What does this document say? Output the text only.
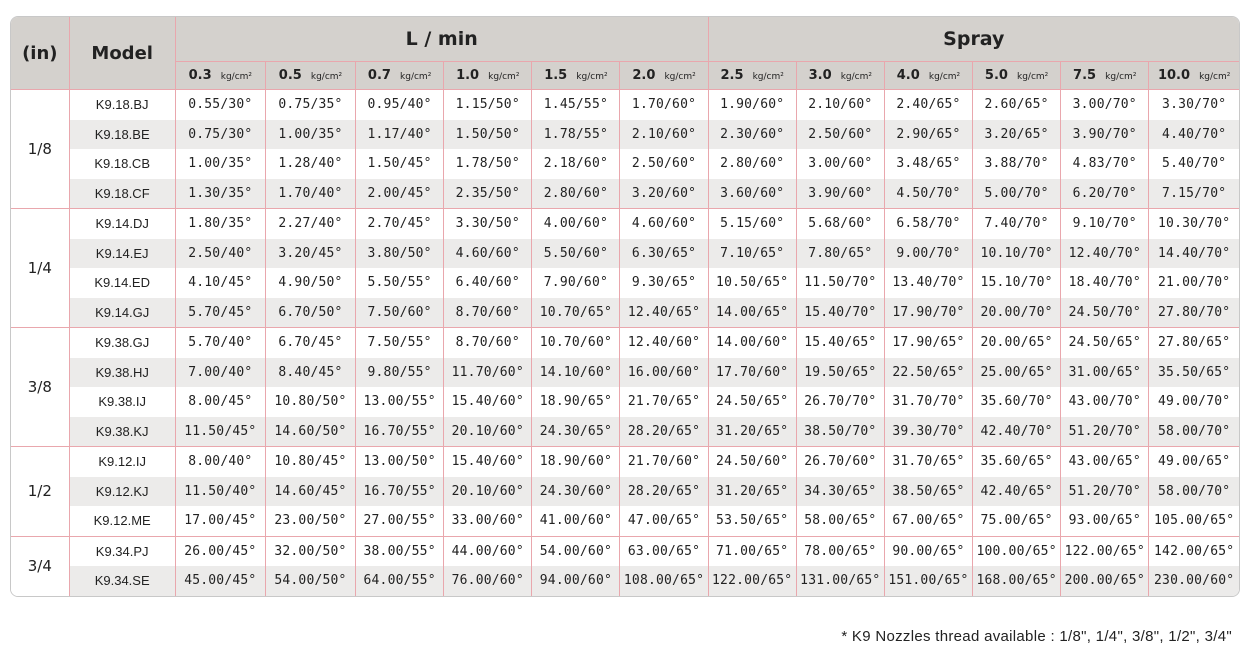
(in)	Model	L / min						Spray					
		0.3 kg/cm²	0.5 kg/cm²	0.7 kg/cm²	1.0 kg/cm²	1.5 kg/cm²	2.0 kg/cm²	2.5 kg/cm²	3.0 kg/cm²	4.0 kg/cm²	5.0 kg/cm²	7.5 kg/cm²	10.0 kg/cm²
1/8	K9.18.BJ	0.55/30°	0.75/35°	0.95/40°	1.15/50°	1.45/55°	1.70/60°	1.90/60°	2.10/60°	2.40/65°	2.60/65°	3.00/70°	3.30/70°
	K9.18.BE	0.75/30°	1.00/35°	1.17/40°	1.50/50°	1.78/55°	2.10/60°	2.30/60°	2.50/60°	2.90/65°	3.20/65°	3.90/70°	4.40/70°
	K9.18.CB	1.00/35°	1.28/40°	1.50/45°	1.78/50°	2.18/60°	2.50/60°	2.80/60°	3.00/60°	3.48/65°	3.88/70°	4.83/70°	5.40/70°
	K9.18.CF	1.30/35°	1.70/40°	2.00/45°	2.35/50°	2.80/60°	3.20/60°	3.60/60°	3.90/60°	4.50/70°	5.00/70°	6.20/70°	7.15/70°
1/4	K9.14.DJ	1.80/35°	2.27/40°	2.70/45°	3.30/50°	4.00/60°	4.60/60°	5.15/60°	5.68/60°	6.58/70°	7.40/70°	9.10/70°	10.30/70°
	K9.14.EJ	2.50/40°	3.20/45°	3.80/50°	4.60/60°	5.50/60°	6.30/65°	7.10/65°	7.80/65°	9.00/70°	10.10/70°	12.40/70°	14.40/70°
	K9.14.ED	4.10/45°	4.90/50°	5.50/55°	6.40/60°	7.90/60°	9.30/65°	10.50/65°	11.50/70°	13.40/70°	15.10/70°	18.40/70°	21.00/70°
	K9.14.GJ	5.70/45°	6.70/50°	7.50/60°	8.70/60°	10.70/65°	12.40/65°	14.00/65°	15.40/70°	17.90/70°	20.00/70°	24.50/70°	27.80/70°
3/8	K9.38.GJ	5.70/40°	6.70/45°	7.50/55°	8.70/60°	10.70/60°	12.40/60°	14.00/60°	15.40/65°	17.90/65°	20.00/65°	24.50/65°	27.80/65°
	K9.38.HJ	7.00/40°	8.40/45°	9.80/55°	11.70/60°	14.10/60°	16.00/60°	17.70/60°	19.50/65°	22.50/65°	25.00/65°	31.00/65°	35.50/65°
	K9.38.IJ	8.00/45°	10.80/50°	13.00/55°	15.40/60°	18.90/65°	21.70/65°	24.50/65°	26.70/70°	31.70/70°	35.60/70°	43.00/70°	49.00/70°
	K9.38.KJ	11.50/45°	14.60/50°	16.70/55°	20.10/60°	24.30/65°	28.20/65°	31.20/65°	38.50/70°	39.30/70°	42.40/70°	51.20/70°	58.00/70°
1/2	K9.12.IJ	8.00/40°	10.80/45°	13.00/50°	15.40/60°	18.90/60°	21.70/60°	24.50/60°	26.70/60°	31.70/65°	35.60/65°	43.00/65°	49.00/65°
	K9.12.KJ	11.50/40°	14.60/45°	16.70/55°	20.10/60°	24.30/60°	28.20/65°	31.20/65°	34.30/65°	38.50/65°	42.40/65°	51.20/70°	58.00/70°
	K9.12.ME	17.00/45°	23.00/50°	27.00/55°	33.00/60°	41.00/60°	47.00/65°	53.50/65°	58.00/65°	67.00/65°	75.00/65°	93.00/65°	105.00/65°
3/4	K9.34.PJ	26.00/45°	32.00/50°	38.00/55°	44.00/60°	54.00/60°	63.00/65°	71.00/65°	78.00/65°	90.00/65°	100.00/65°	122.00/65°	142.00/65°
	K9.34.SE	45.00/45°	54.00/50°	64.00/55°	76.00/60°	94.00/60°	108.00/65°	122.00/65°	131.00/65°	151.00/65°	168.00/65°	200.00/65°	230.00/60°
* K9 Nozzles thread available : 1/8", 1/4", 3/8", 1/2", 3/4"
